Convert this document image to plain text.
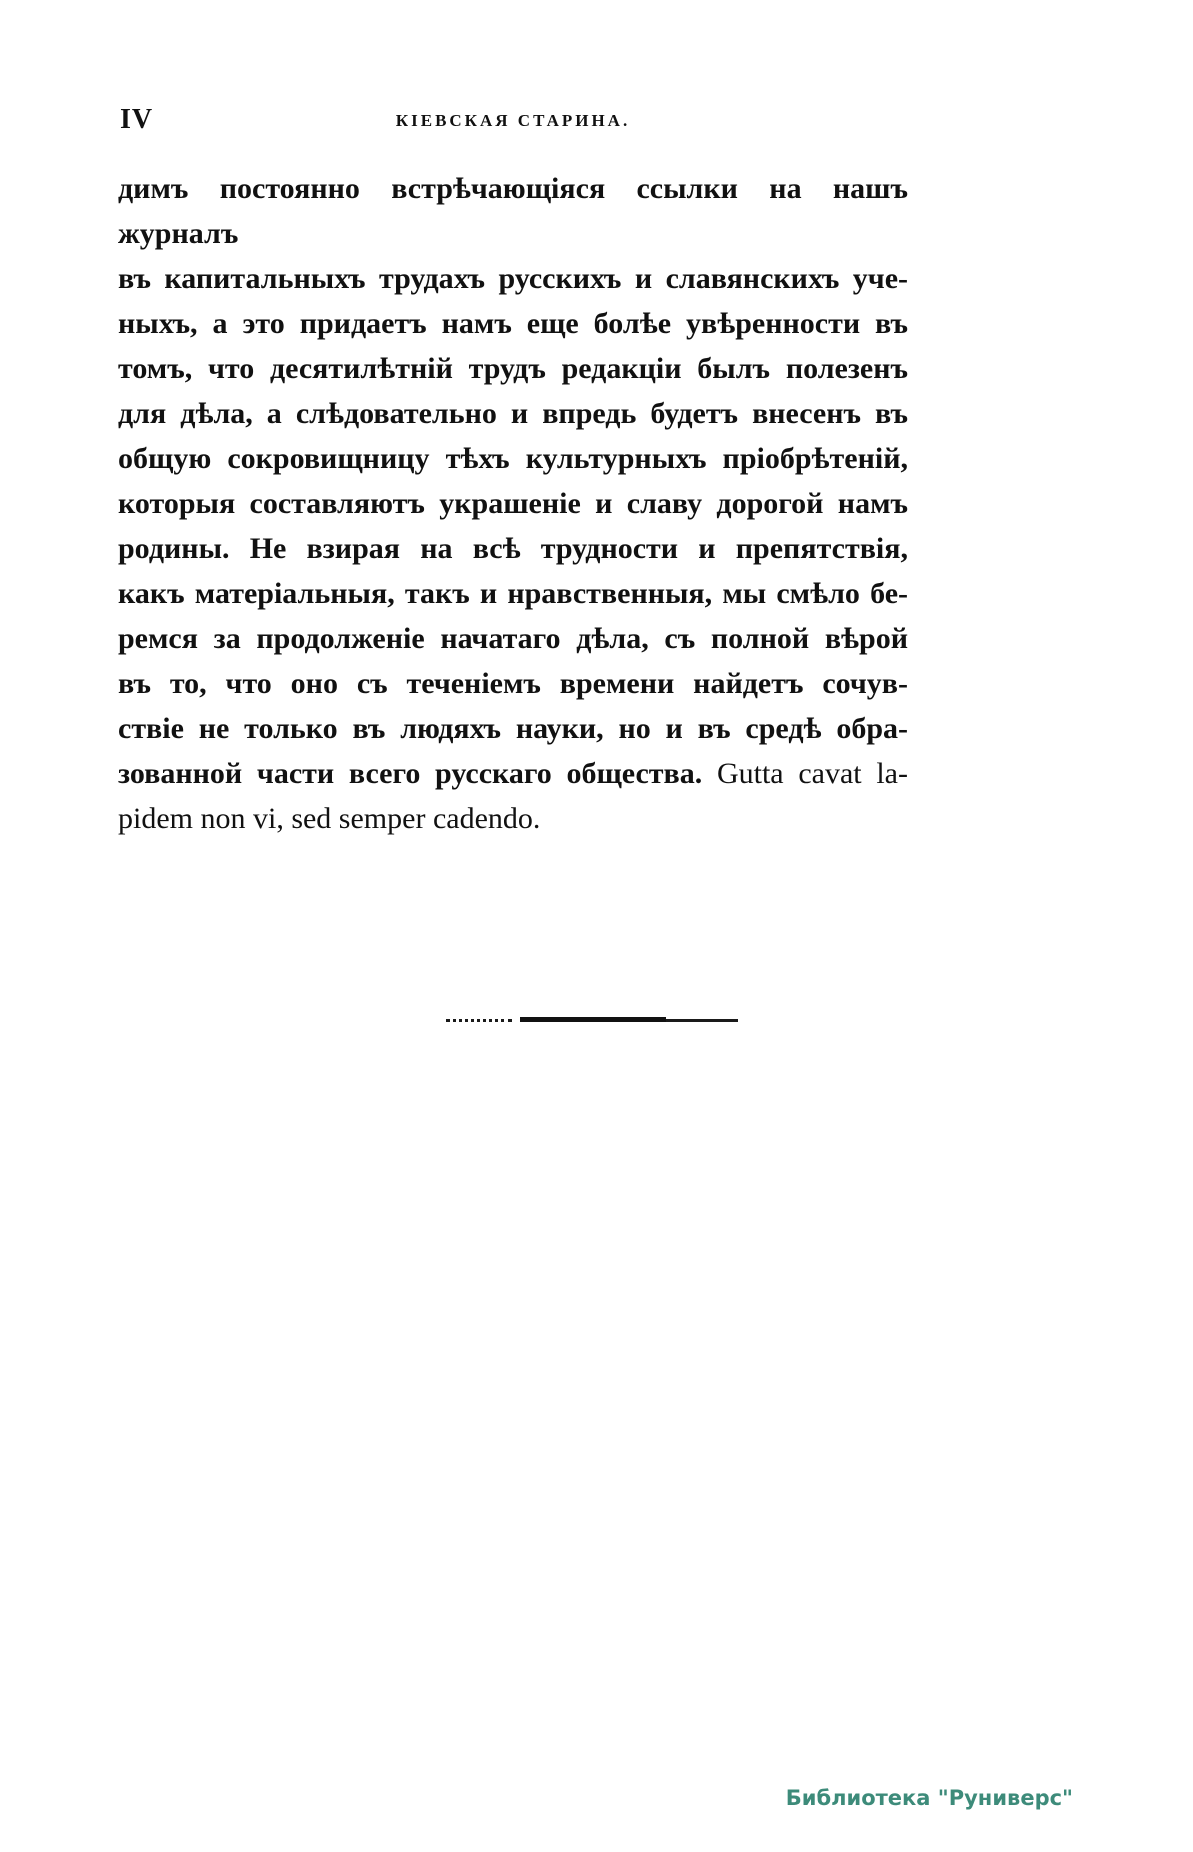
IV	КІЕВСКАЯ СТАРИНА.
димъ постоянно встрѣчающіяся ссылки на нашъ журналъ
въ капитальныхъ трудахъ русскихъ и славянскихъ уче-
ныхъ, а это придаетъ намъ еще болѣе увѣренности въ
томъ, что десятилѣтній трудъ редакціи былъ полезенъ
для дѣла, а слѣдовательно и впредь будетъ внесенъ въ
общую сокровищницу тѣхъ культурныхъ пріобрѣтеній,
которыя составляютъ украшеніе и славу дорогой намъ
родины. Не взирая на всѣ трудности и препятствія,
какъ матеріальныя, такъ и нравственныя, мы смѣло бе-
ремся за продолженіе начатаго дѣла, съ полной вѣрой
въ то, что оно съ теченіемъ времени найдетъ сочув-
ствіе не только въ людяхъ науки, но и въ средѣ обра-
зованной части всего русскаго общества. Gutta cavat la-
pidem non vi, sed semper cadendo.
Библиотека "Руниверс"
